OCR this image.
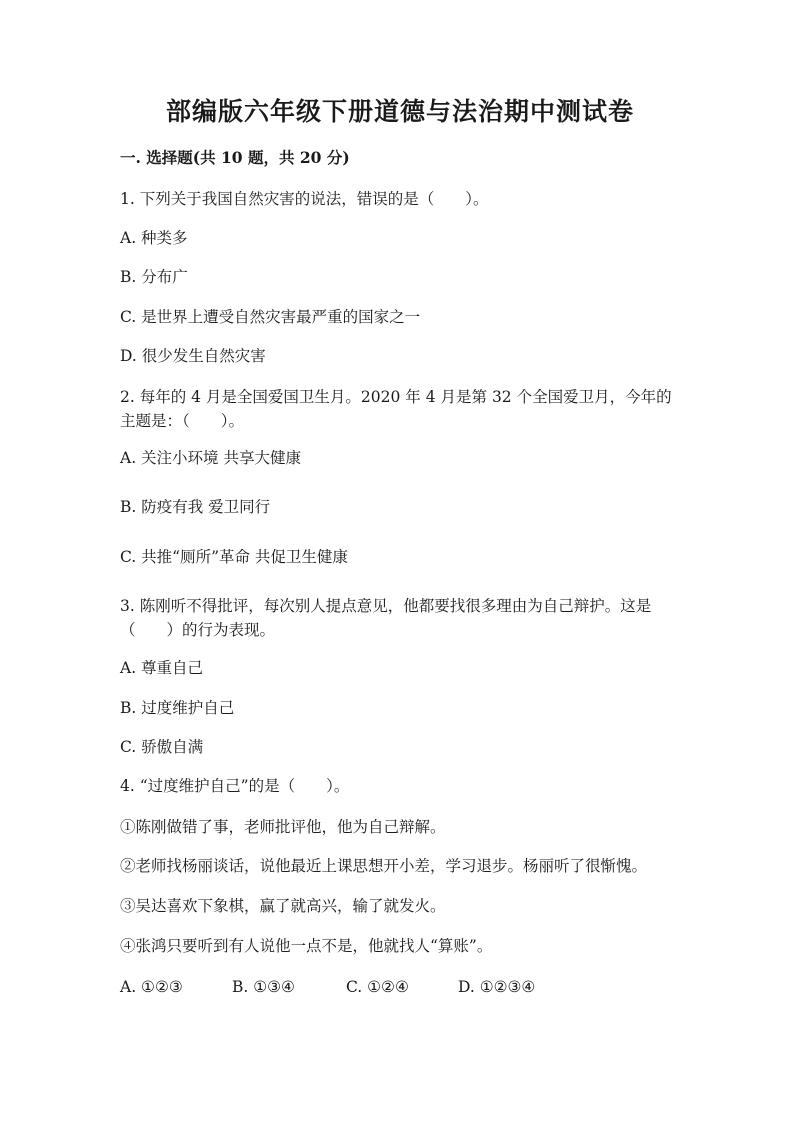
部编版六年级下册道德与法治期中测试卷
一. 选择题(共 10 题，共 20 分)
1. 下列关于我国自然灾害的说法，错误的是（　　）。
A. 种类多
B. 分布广
C. 是世界上遭受自然灾害最严重的国家之一
D. 很少发生自然灾害
2. 每年的 4 月是全国爱国卫生月。2020 年 4 月是第 32 个全国爱卫月，今年的
主题是：（　　）。
A. 关注小环境 共享大健康
B. 防疫有我 爱卫同行
C. 共推“厕所”革命 共促卫生健康
3. 陈刚听不得批评，每次别人提点意见，他都要找很多理由为自己辩护。这是
（　　）的行为表现。
A. 尊重自己
B. 过度维护自己
C. 骄傲自满
4. “过度维护自己”的是（　　）。
①陈刚做错了事，老师批评他，他为自己辩解。
②老师找杨丽谈话，说他最近上课思想开小差，学习退步。杨丽听了很惭愧。
③吴达喜欢下象棋，赢了就高兴，输了就发火。
④张鸿只要听到有人说他一点不是，他就找人“算账”。
A. ①②③	B. ①③④	C. ①②④	D. ①②③④
